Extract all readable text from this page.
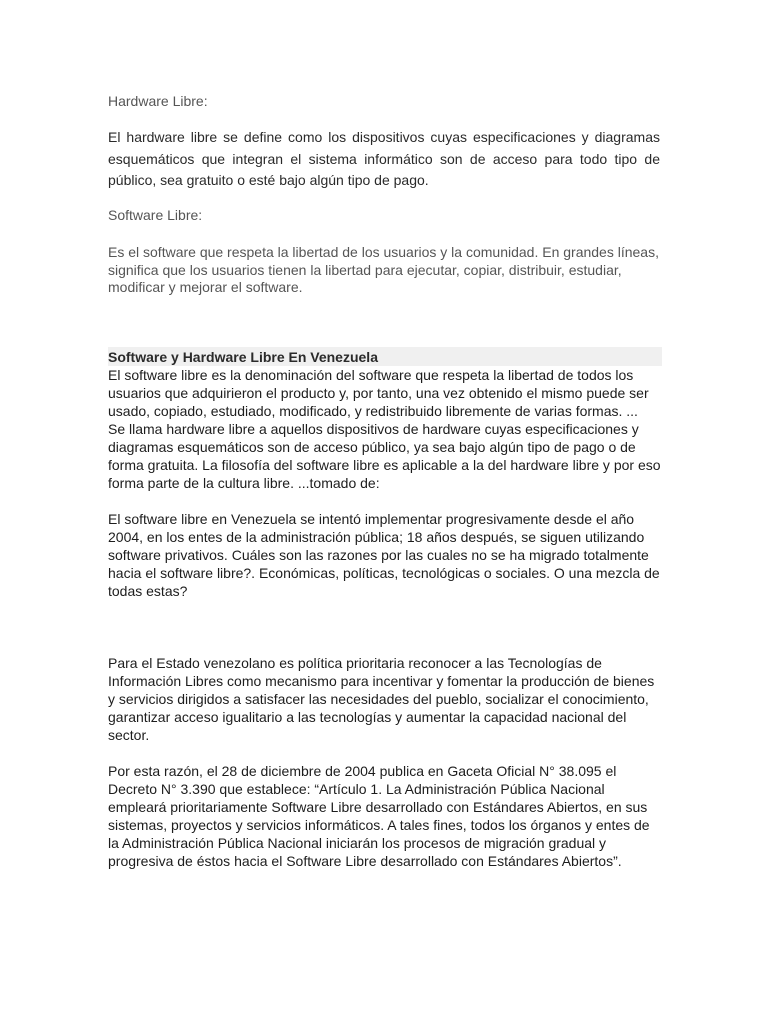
Hardware Libre:

El hardware libre se define como los dispositivos cuyas especificaciones y diagramas esquemáticos que integran el sistema informático son de acceso para todo tipo de público, sea gratuito o esté bajo algún tipo de pago.

Software Libre:

Es el software que respeta la libertad de los usuarios y la comunidad. En grandes líneas, significa que los usuarios tienen la libertad para ejecutar, copiar, distribuir, estudiar, modificar y mejorar el software.

Software y Hardware Libre En Venezuela

El software libre es la denominación del software que respeta la libertad de todos los usuarios que adquirieron el producto y, por tanto, una vez obtenido el mismo puede ser usado, copiado, estudiado, modificado, y redistribuido libremente de varias formas. ...

Se llama hardware libre a aquellos dispositivos de hardware cuyas especificaciones y diagramas esquemáticos son de acceso público, ya sea bajo algún tipo de pago o de forma gratuita. La filosofía del software libre es aplicable a la del hardware libre y por eso forma parte de la cultura libre. ...tomado de:

El software libre en Venezuela se intentó implementar progresivamente desde el año 2004, en los entes de la administración pública; 18 años después, se siguen utilizando software privativos. Cuáles son las razones por las cuales no se ha migrado totalmente hacia el software libre?. Económicas, políticas, tecnológicas o sociales. O una mezcla de todas estas?

Para el Estado venezolano es política prioritaria reconocer a las Tecnologías de Información Libres como mecanismo para incentivar y fomentar la producción de bienes y servicios dirigidos a satisfacer las necesidades del pueblo, socializar el conocimiento, garantizar acceso igualitario a las tecnologías y aumentar la capacidad nacional del sector.

Por esta razón, el 28 de diciembre de 2004 publica en Gaceta Oficial N° 38.095 el Decreto N° 3.390 que establece: “Artículo 1. La Administración Pública Nacional empleará prioritariamente Software Libre desarrollado con Estándares Abiertos, en sus sistemas, proyectos y servicios informáticos. A tales fines, todos los órganos y entes de la Administración Pública Nacional iniciarán los procesos de migración gradual y progresiva de éstos hacia el Software Libre desarrollado con Estándares Abiertos”.
